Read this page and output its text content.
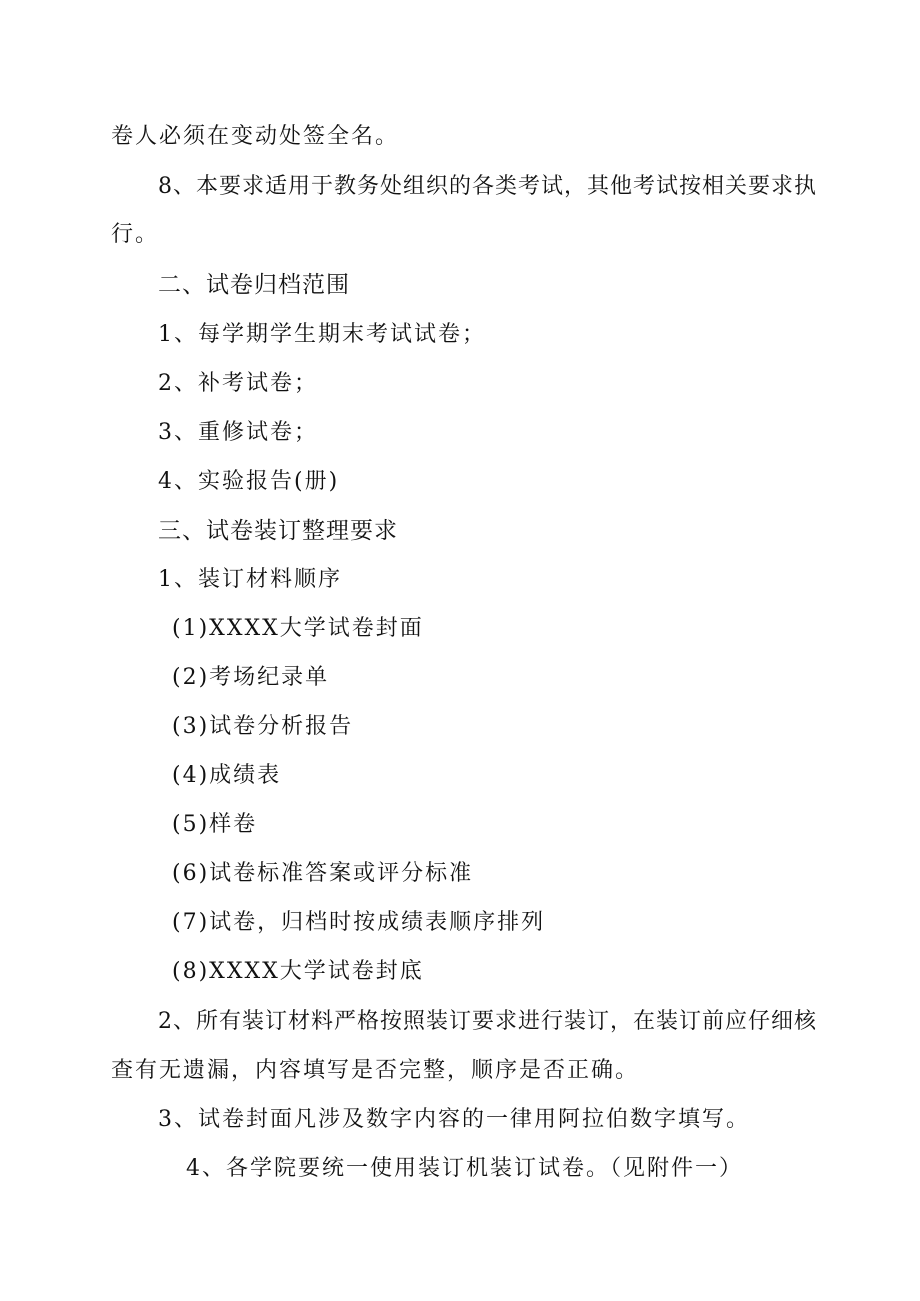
卷人必须在变动处签全名。
8、本要求适用于教务处组织的各类考试，其他考试按相关要求执
行。
二、试卷归档范围
1、每学期学生期末考试试卷；
2、补考试卷；
3、重修试卷；
4、实验报告(册)
三、试卷装订整理要求
1、装订材料顺序
(1)XXXX大学试卷封面
(2)考场纪录单
(3)试卷分析报告
(4)成绩表
(5)样卷
(6)试卷标准答案或评分标准
(7)试卷，归档时按成绩表顺序排列
(8)XXXX大学试卷封底
2、所有装订材料严格按照装订要求进行装订，在装订前应仔细核
查有无遗漏，内容填写是否完整，顺序是否正确。
3、试卷封面凡涉及数字内容的一律用阿拉伯数字填写。
4、各学院要统一使用装订机装订试卷。（见附件一）
